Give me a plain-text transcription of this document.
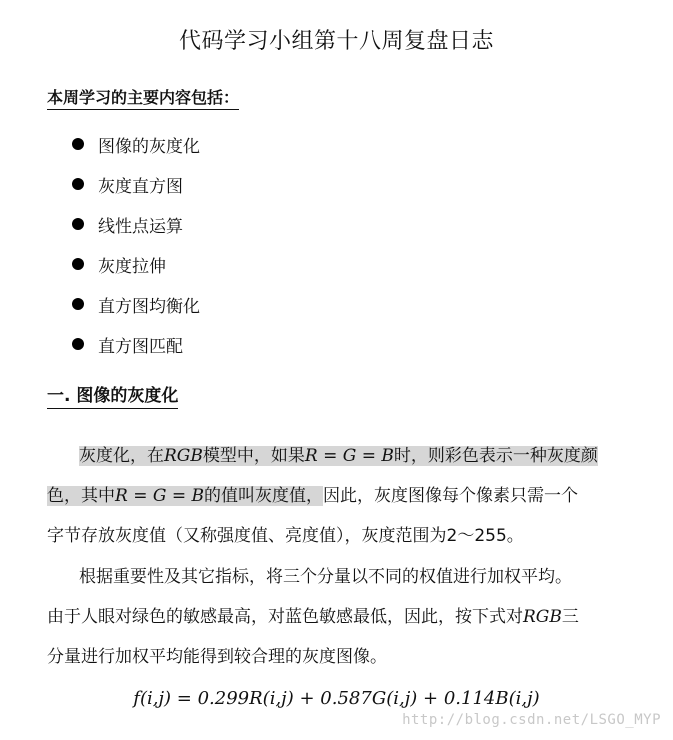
代码学习小组第十八周复盘日志
本周学习的主要内容包括：
图像的灰度化
灰度直方图
线性点运算
灰度拉伸
直方图均衡化
直方图匹配
一. 图像的灰度化
灰度化，在RGB模型中，如果R = G = B时，则彩色表示一种灰度颜
色，其中R = G = B的值叫灰度值，因此，灰度图像每个像素只需一个
字节存放灰度值（又称强度值、亮度值），灰度范围为2～255。
根据重要性及其它指标，将三个分量以不同的权值进行加权平均。
由于人眼对绿色的敏感最高，对蓝色敏感最低，因此，按下式对RGB三
分量进行加权平均能得到较合理的灰度图像。
f(i,j) = 0.299R(i,j) + 0.587G(i,j) + 0.114B(i,j)
http://blog.csdn.net/LSGO_MYP
